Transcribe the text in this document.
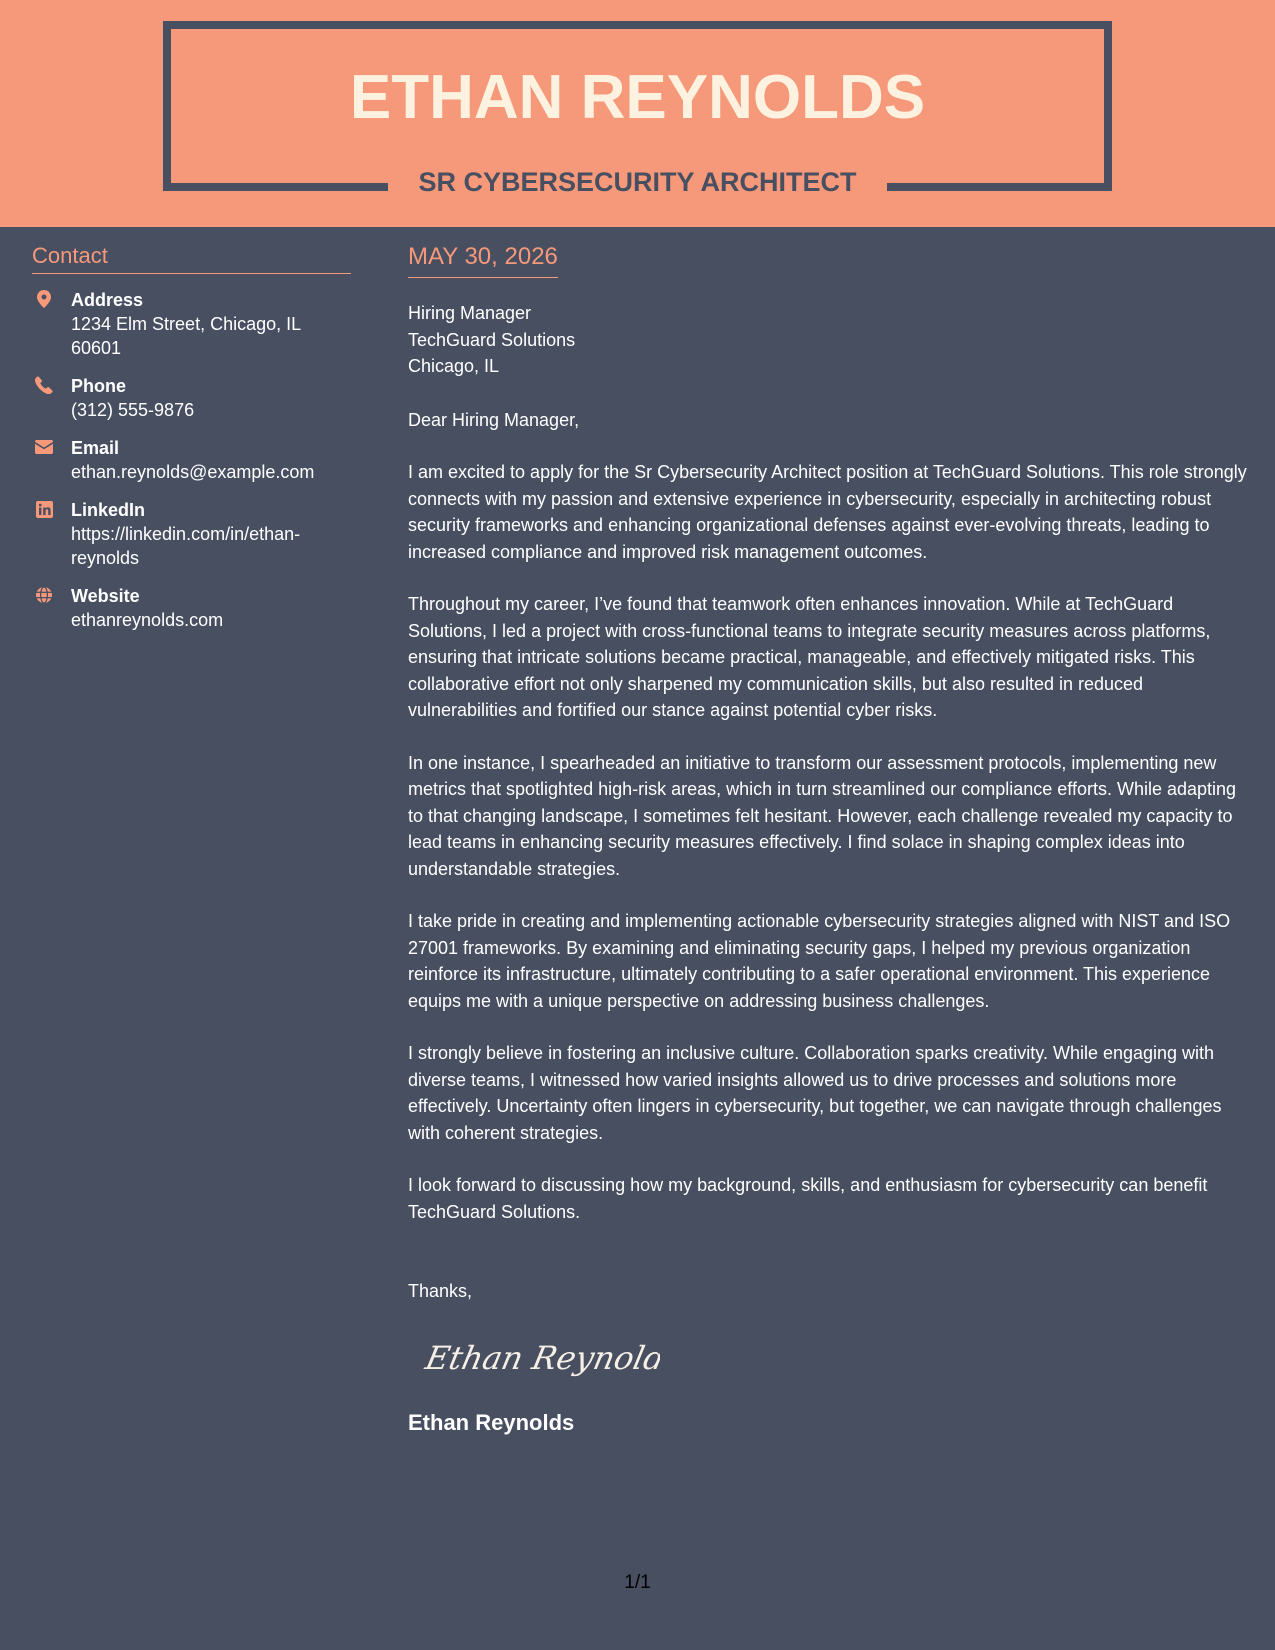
ETHAN REYNOLDS
SR CYBERSECURITY ARCHITECT
Contact
Address
1234 Elm Street, Chicago, IL 60601
Phone
(312) 555-9876
Email
ethan.reynolds@example.com
LinkedIn
https://linkedin.com/in/ethan-reynolds
Website
ethanreynolds.com
MAY 30, 2026
Hiring Manager
TechGuard Solutions
Chicago, IL
Dear Hiring Manager,

I am excited to apply for the Sr Cybersecurity Architect position at TechGuard Solutions. This role strongly connects with my passion and extensive experience in cybersecurity, especially in architecting robust security frameworks and enhancing organizational defenses against ever-evolving threats, leading to increased compliance and improved risk management outcomes.

Throughout my career, I’ve found that teamwork often enhances innovation. While at TechGuard Solutions, I led a project with cross-functional teams to integrate security measures across platforms, ensuring that intricate solutions became practical, manageable, and effectively mitigated risks. This collaborative effort not only sharpened my communication skills, but also resulted in reduced vulnerabilities and fortified our stance against potential cyber risks.

In one instance, I spearheaded an initiative to transform our assessment protocols, implementing new metrics that spotlighted high-risk areas, which in turn streamlined our compliance efforts. While adapting to that changing landscape, I sometimes felt hesitant. However, each challenge revealed my capacity to lead teams in enhancing security measures effectively. I find solace in shaping complex ideas into understandable strategies.

I take pride in creating and implementing actionable cybersecurity strategies aligned with NIST and ISO 27001 frameworks. By examining and eliminating security gaps, I helped my previous organization reinforce its infrastructure, ultimately contributing to a safer operational environment. This experience equips me with a unique perspective on addressing business challenges.

I strongly believe in fostering an inclusive culture. Collaboration sparks creativity. While engaging with diverse teams, I witnessed how varied insights allowed us to drive processes and solutions more effectively. Uncertainty often lingers in cybersecurity, but together, we can navigate through challenges with coherent strategies.

I look forward to discussing how my background, skills, and enthusiasm for cybersecurity can benefit TechGuard Solutions.

Thanks,
Ethan Reynolds
Ethan Reynolds
1/1
